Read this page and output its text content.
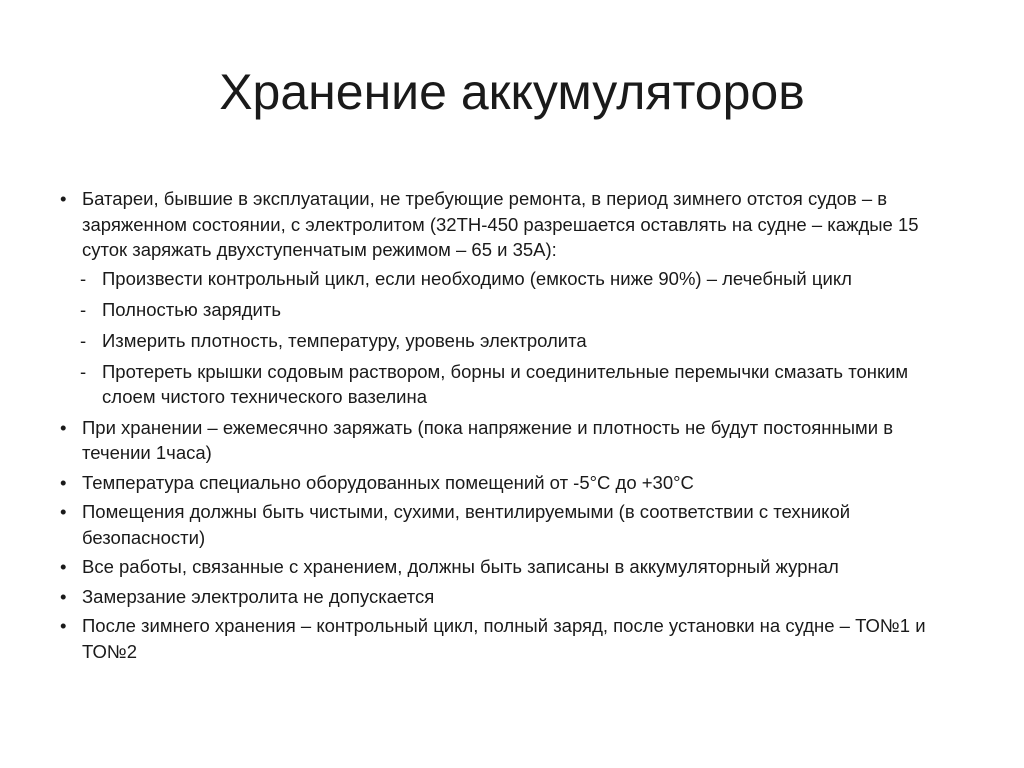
Хранение аккумуляторов
• Батареи, бывшие в эксплуатации, не требующие ремонта, в период зимнего отстоя судов – в заряженном состоянии, с электролитом (32ТН-450 разрешается оставлять на судне – каждые 15 суток заряжать двухступенчатым режимом – 65 и 35А):
- Произвести контрольный цикл, если необходимо (емкость ниже 90%) – лечебный цикл
- Полностью зарядить
- Измерить плотность, температуру, уровень электролита
- Протереть крышки содовым раствором, борны и соединительные перемычки смазать тонким слоем чистого технического вазелина
• При хранении – ежемесячно заряжать (пока напряжение и плотность не будут постоянными в течении 1часа)
• Температура специально оборудованных помещений от -5°С до +30°С
• Помещения должны быть чистыми, сухими, вентилируемыми (в соответствии с техникой безопасности)
• Все работы, связанные с хранением, должны быть записаны в аккумуляторный журнал
• Замерзание электролита не допускается
• После зимнего хранения – контрольный цикл, полный заряд, после установки на судне – ТО№1 и ТО№2
